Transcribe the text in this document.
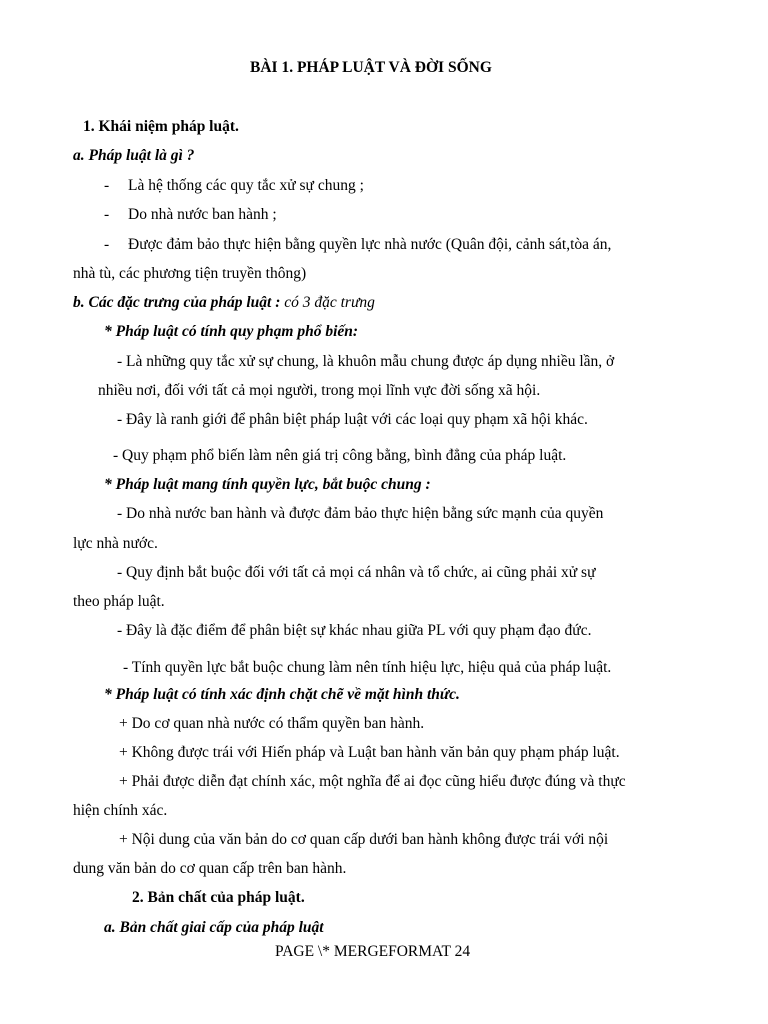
BÀI 1. PHÁP LUẬT VÀ ĐỜI SỐNG
1. Khái niệm pháp luật.
a. Pháp luật là gì ?
- Là hệ thống các quy tắc xử sự chung ;
- Do nhà nước ban hành ;
- Được đảm bảo thực hiện bằng quyền lực nhà nước (Quân đội, cảnh sát,tòa án,
nhà tù, các phương tiện truyền thông)
b. Các đặc trưng của pháp luật : có 3 đặc trưng
* Pháp luật có tính quy phạm phổ biến:
- Là những quy tắc xử sự chung, là khuôn mẫu chung được áp dụng nhiều lần, ở
nhiều nơi, đối với tất cả mọi người, trong mọi lĩnh vực đời sống xã hội.
- Đây là ranh giới để phân biệt pháp luật với các loại quy phạm xã hội khác.
- Quy phạm phổ biến làm nên giá trị công bằng, bình đẳng của pháp luật.
* Pháp luật mang tính quyền lực, bắt buộc chung :
- Do nhà nước ban hành và được đảm bảo thực hiện bằng sức mạnh của quyền
lực nhà nước.
- Quy định bắt buộc đối với tất cả mọi cá nhân và tổ chức, ai cũng phải xử sự
theo pháp luật.
- Đây là đặc điểm để phân biệt sự khác nhau giữa PL với quy phạm đạo đức.
- Tính quyền lực bắt buộc chung làm nên tính hiệu lực, hiệu quả của pháp luật.
* Pháp luật có tính xác định chặt chẽ về mặt hình thức.
+ Do cơ quan nhà nước có thẩm quyền ban hành.
+ Không được trái với Hiến pháp và Luật ban hành văn bản quy phạm pháp luật.
+ Phải được diễn đạt chính xác, một nghĩa để ai đọc cũng hiểu được đúng và thực
hiện chính xác.
+ Nội dung của văn bản do cơ quan cấp dưới ban hành không được trái với nội
dung văn bản do cơ quan cấp trên ban hành.
2. Bản chất của pháp luật.
a. Bản chất giai cấp của pháp luật
PAGE \* MERGEFORMAT 24
